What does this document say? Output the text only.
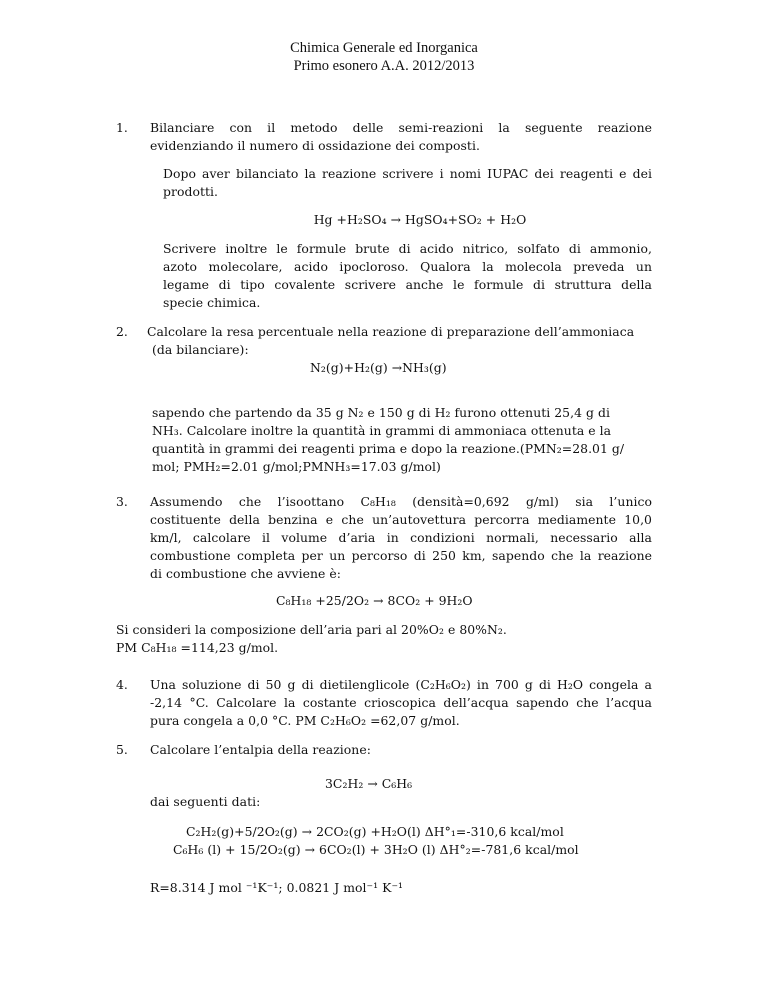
Chimica Generale ed Inorganica
Primo esonero A.A. 2012/2013
1. Bilanciare con il metodo delle semi-reazioni la seguente reazione
evidenziando il numero di ossidazione dei composti.
Dopo aver bilanciato la reazione scrivere i nomi IUPAC dei reagenti e dei
prodotti.
Hg +H₂SO₄ → HgSO₄+SO₂ + H₂O
Scrivere inoltre le formule brute di acido nitrico, solfato di ammonio,
azoto molecolare, acido ipocloroso. Qualora la molecola preveda un
legame di tipo covalente scrivere anche le formule di struttura della
specie chimica.
2. Calcolare la resa percentuale nella reazione di preparazione dell’ammoniaca
(da bilanciare):
N₂(g)+H₂(g) →NH₃(g)
sapendo che partendo da 35 g N₂ e 150 g di H₂ furono ottenuti 25,4 g di
NH₃. Calcolare inoltre la quantità in grammi di ammoniaca ottenuta e la
quantità in grammi dei reagenti prima e dopo la reazione.(PMN₂=28.01 g/
mol; PMH₂=2.01 g/mol;PMNH₃=17.03 g/mol)
3. Assumendo che l’isoottano C₈H₁₈ (densità=0,692 g/ml) sia l’unico
costituente della benzina e che un’autovettura percorra mediamente 10,0
km/l, calcolare il volume d’aria in condizioni normali, necessario alla
combustione completa per un percorso di 250 km, sapendo che la reazione
di combustione che avviene è:
C₈H₁₈ +25/2O₂ → 8CO₂ + 9H₂O
Si consideri la composizione dell’aria pari al 20%O₂ e 80%N₂.
PM C₈H₁₈ =114,23 g/mol.
4. Una soluzione di 50 g di dietilenglicole (C₂H₆O₂) in 700 g di H₂O congela a
-2,14 °C. Calcolare la costante crioscopica dell’acqua sapendo che l’acqua
pura congela a 0,0 °C. PM C₂H₆O₂ =62,07 g/mol.
5. Calcolare l’entalpia della reazione:
3C₂H₂ → C₆H₆
dai seguenti dati:
C₂H₂(g)+5/2O₂(g) → 2CO₂(g) +H₂O(l) ΔH°₁=-310,6 kcal/mol
C₆H₆ (l) + 15/2O₂(g) → 6CO₂(l) + 3H₂O (l) ΔH°₂=-781,6 kcal/mol
R=8.314 J mol ⁻¹K⁻¹; 0.0821 J mol⁻¹ K⁻¹
